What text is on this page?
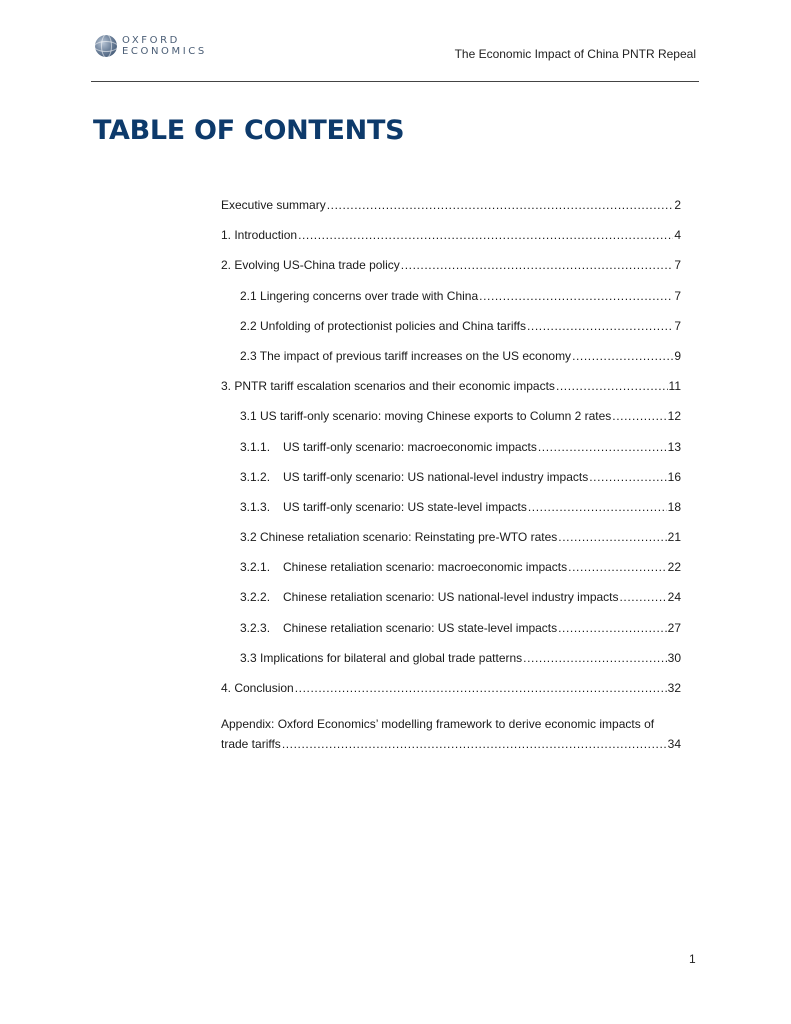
OXFORD
ECONOMICS	The Economic Impact of China PNTR Repeal
TABLE OF CONTENTS
Executive summary .....	2
1. Introduction .....	4
2. Evolving US-China trade policy .....	7
2.1 Lingering concerns over trade with China .....	7
2.2 Unfolding of protectionist policies and China tariffs .....	7
2.3 The impact of previous tariff increases on the US economy .....	9
3. PNTR tariff escalation scenarios and their economic impacts .....	11
3.1 US tariff-only scenario: moving Chinese exports to Column 2 rates .....	12
3.1.1. US tariff-only scenario: macroeconomic impacts .....	13
3.1.2. US tariff-only scenario: US national-level industry impacts .....	16
3.1.3. US tariff-only scenario: US state-level impacts .....	18
3.2 Chinese retaliation scenario: Reinstating pre-WTO rates .....	21
3.2.1. Chinese retaliation scenario: macroeconomic impacts .....	22
3.2.2. Chinese retaliation scenario: US national-level industry impacts .....	24
3.2.3. Chinese retaliation scenario: US state-level impacts .....	27
3.3 Implications for bilateral and global trade patterns .....	30
4. Conclusion .....	32
Appendix: Oxford Economics’ modelling framework to derive economic impacts of
trade tariffs .....	34
1
